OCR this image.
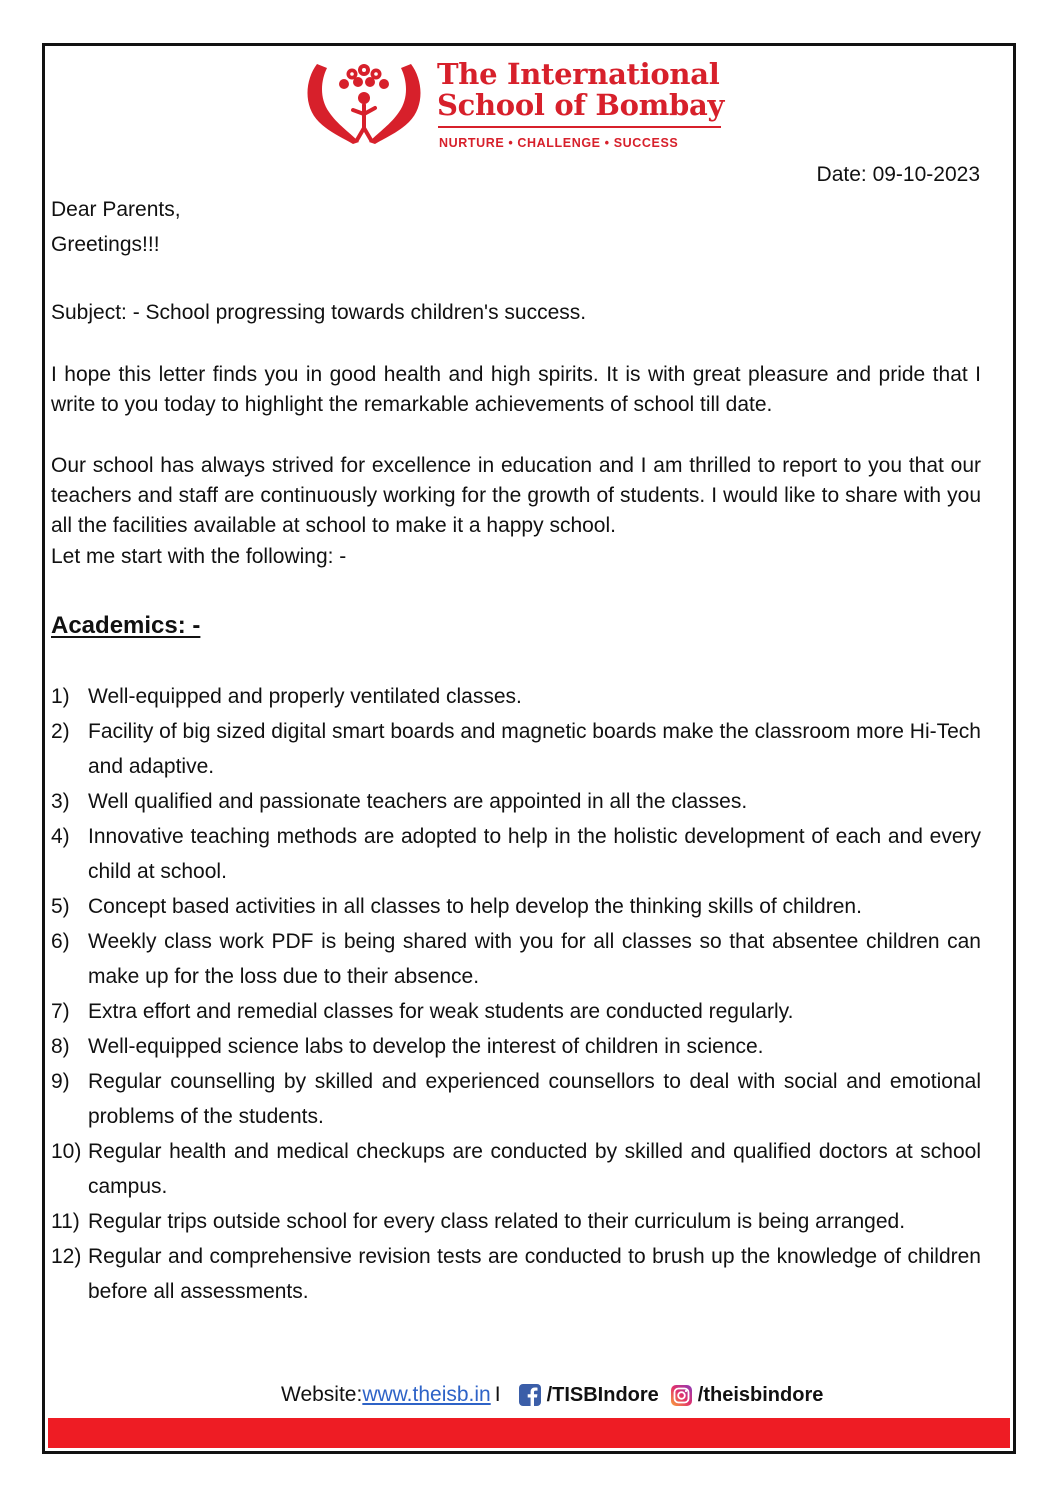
The International
School of Bombay
NURTURE • CHALLENGE • SUCCESS
Date: 09-10-2023
Dear Parents,
Greetings!!!
Subject: - School progressing towards children's success.
I hope this letter finds you in good health and high spirits. It is with great pleasure and pride that I write to you today to highlight the remarkable achievements of school till date.
Our school has always strived for excellence in education and I am thrilled to report to you that our teachers and staff are continuously working for the growth of students. I would like to share with you all the facilities available at school to make it a happy school.
Let me start with the following: -
Academics: -
1) Well-equipped and properly ventilated classes.
2) Facility of big sized digital smart boards and magnetic boards make the classroom more Hi-Tech and adaptive.
3) Well qualified and passionate teachers are appointed in all the classes.
4) Innovative teaching methods are adopted to help in the holistic development of each and every child at school.
5) Concept based activities in all classes to help develop the thinking skills of children.
6) Weekly class work PDF is being shared with you for all classes so that absentee children can make up for the loss due to their absence.
7) Extra effort and remedial classes for weak students are conducted regularly.
8) Well-equipped science labs to develop the interest of children in science.
9) Regular counselling by skilled and experienced counsellors to deal with social and emotional problems of the students.
10) Regular health and medical checkups are conducted by skilled and qualified doctors at school campus.
11) Regular trips outside school for every class related to their curriculum is being arranged.
12) Regular and comprehensive revision tests are conducted to brush up the knowledge of children before all assessments.
Website: www.theisb.in I /TISBIndore /theisbindore
